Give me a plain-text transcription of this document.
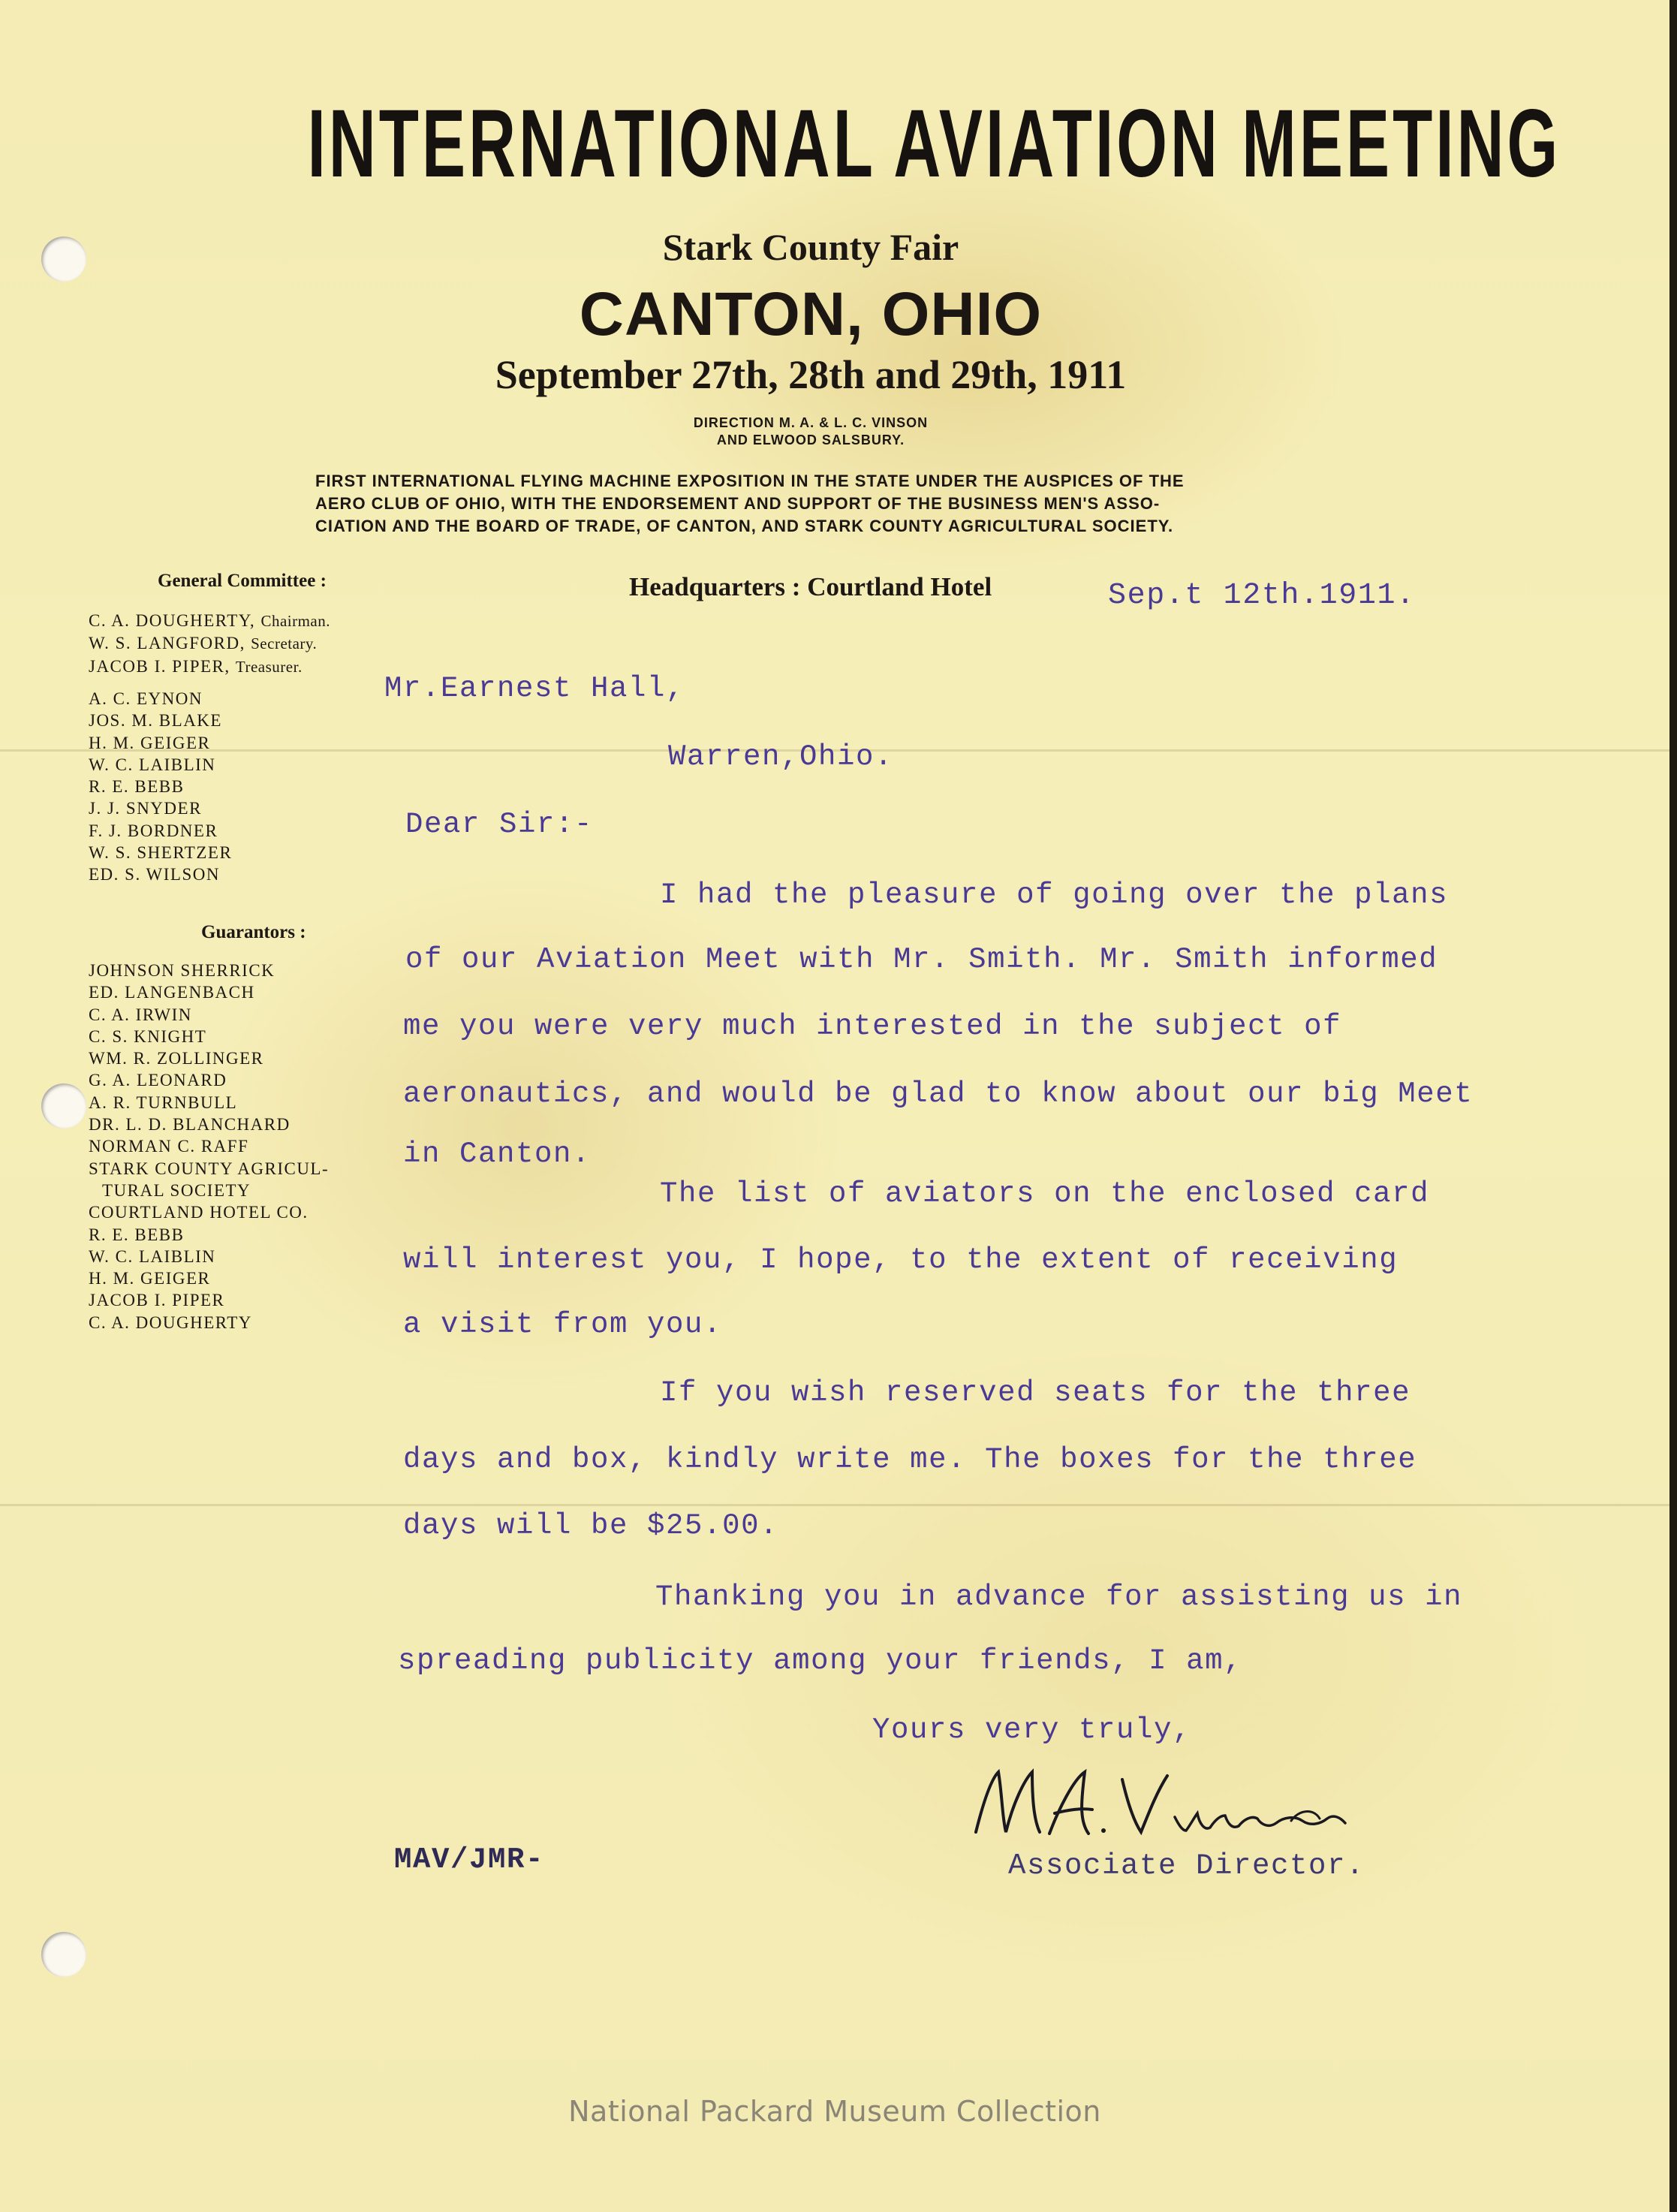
INTERNATIONAL AVIATION MEETING
Stark County Fair
CANTON, OHIO
September 27th, 28th and 29th, 1911
DIRECTION M. A. & L. C. VINSON
AND ELWOOD SALSBURY.
FIRST INTERNATIONAL FLYING MACHINE EXPOSITION IN THE STATE UNDER THE AUSPICES OF THE
AERO CLUB OF OHIO, WITH THE ENDORSEMENT AND SUPPORT OF THE BUSINESS MEN'S ASSO-
CIATION AND THE BOARD OF TRADE, OF CANTON, AND STARK COUNTY AGRICULTURAL SOCIETY.
General Committee :
C. A. DOUGHERTY, Chairman.
W. S. LANGFORD, Secretary.
JACOB I. PIPER, Treasurer.
A. C. EYNON
JOS. M. BLAKE
H. M. GEIGER
W. C. LAIBLIN
R. E. BEBB
J. J. SNYDER
F. J. BORDNER
W. S. SHERTZER
ED. S. WILSON
Guarantors :
JOHNSON SHERRICK
ED. LANGENBACH
C. A. IRWIN
C. S. KNIGHT
WM. R. ZOLLINGER
G. A. LEONARD
A. R. TURNBULL
DR. L. D. BLANCHARD
NORMAN C. RAFF
STARK COUNTY AGRICUL-
TURAL SOCIETY
COURTLAND HOTEL CO.
R. E. BEBB
W. C. LAIBLIN
H. M. GEIGER
JACOB I. PIPER
C. A. DOUGHERTY
Headquarters : Courtland Hotel	Sep.t 12th.1911.
Mr.Earnest Hall,
Warren,Ohio.
Dear Sir:-
I had the pleasure of going over the plans
of our Aviation Meet with Mr. Smith. Mr. Smith informed
me you were very much interested in the subject of
aeronautics, and would be glad to know about our big Meet
in Canton.
The list of aviators on the enclosed card
will interest you, I hope, to the extent of receiving
a visit from you.
If you wish reserved seats for the three
days and box, kindly write me. The boxes for the three
days will be $25.00.
Thanking you in advance for assisting us in
spreading publicity among your friends, I am,
Yours very truly,
MAV/JMR-	Associate Director.
National Packard Museum Collection
